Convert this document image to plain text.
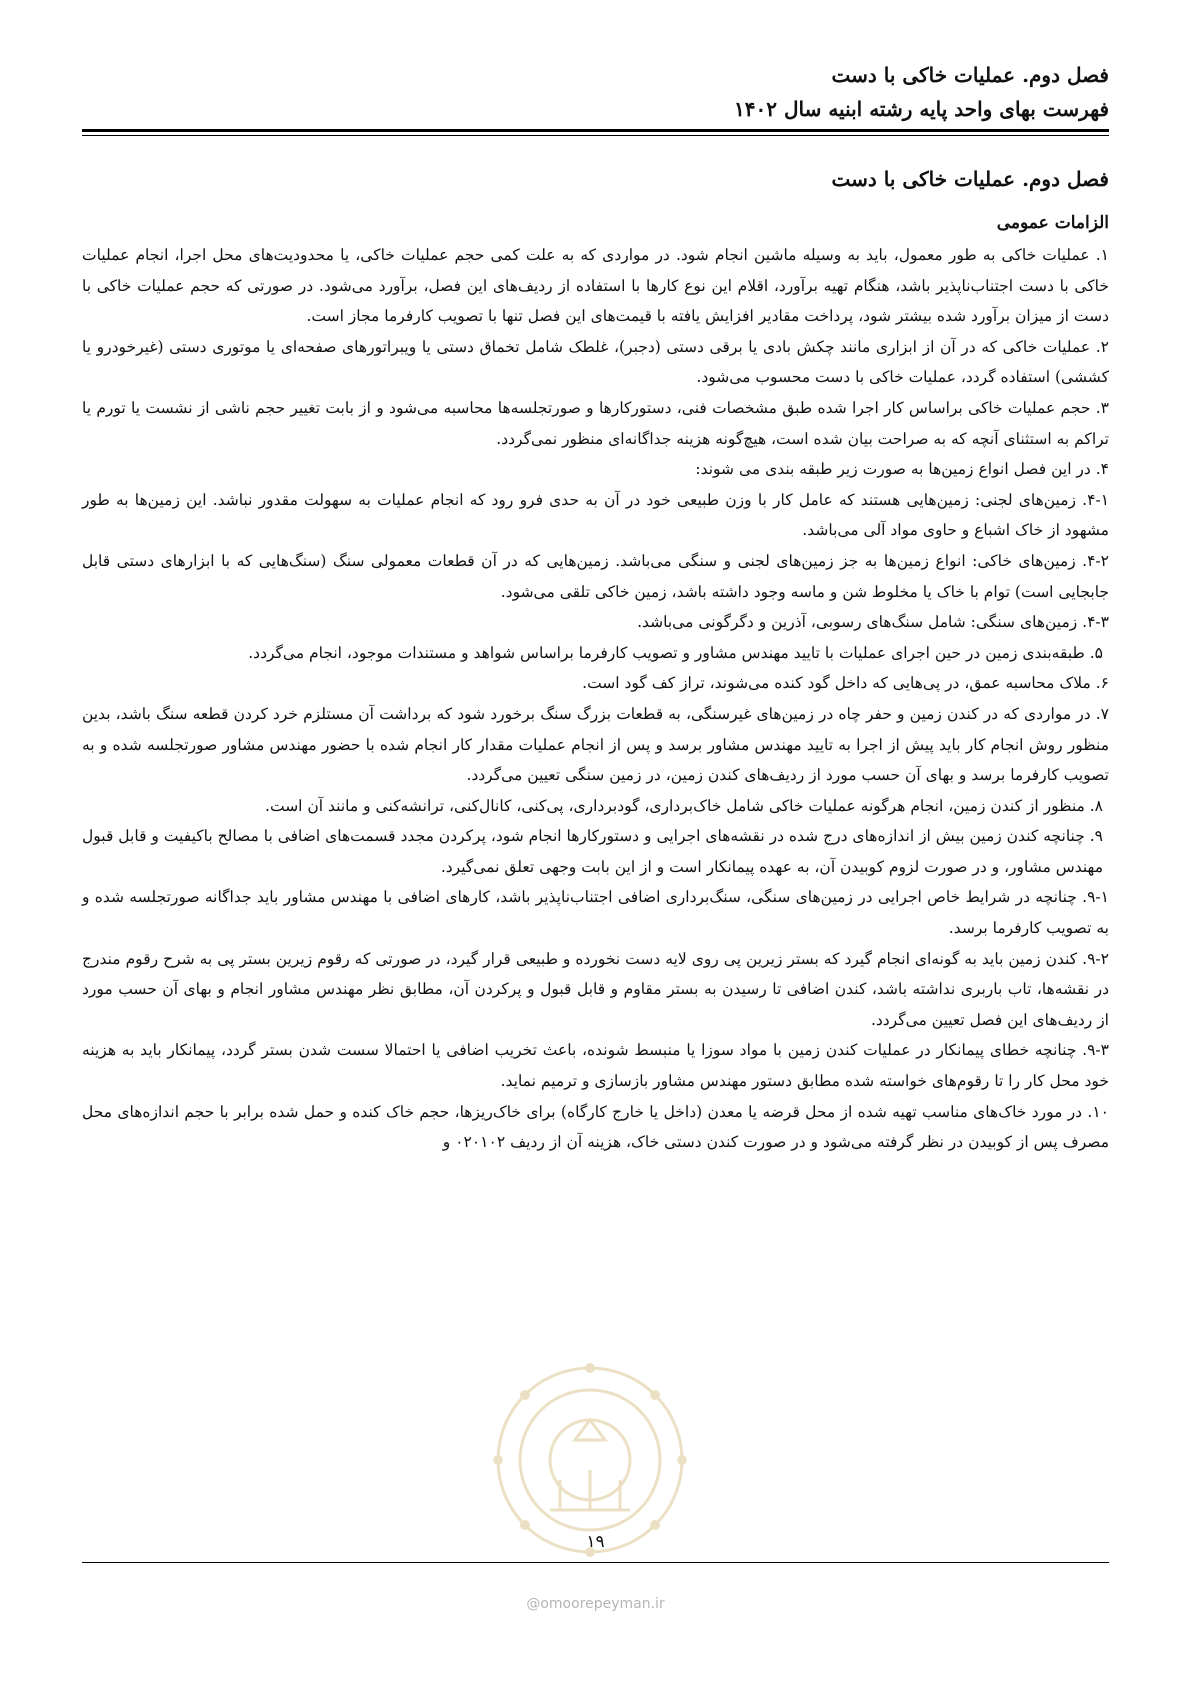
فصل دوم. عملیات خاکی با دست
فهرست بهای واحد پایه رشته ابنیه سال ۱۴۰۲
فصل دوم. عملیات خاکی با دست
الزامات عمومی

۱. عملیات خاکی به طور معمول، باید به وسیله ماشین انجام شود. در مواردی که به علت کمی حجم عملیات خاکی، یا محدودیت‌های محل اجرا، انجام عملیات خاکی با دست اجتناب‌ناپذیر باشد، هنگام تهیه برآورد، اقلام این نوع کارها با استفاده از ردیف‌های این فصل، برآورد می‌شود. در صورتی که حجم عملیات خاکی با دست از میزان برآورد شده بیشتر شود، پرداخت مقادیر افزایش یافته با قیمت‌های این فصل تنها با تصویب کارفرما مجاز است.

۲. عملیات خاکی که در آن از ابزاری مانند چکش بادی یا برقی دستی (دجبر)، غلطک شامل تخماق دستی یا ویبراتورهای صفحه‌ای یا موتوری دستی (غیرخودرو یا کششی) استفاده گردد، عملیات خاکی با دست محسوب می‌شود.

۳. حجم عملیات خاکی براساس کار اجرا شده طبق مشخصات فنی، دستورکارها و صورتجلسه‌ها محاسبه می‌شود و از بابت تغییر حجم ناشی از نشست یا تورم یا تراکم به استثنای آنچه که به صراحت بیان شده است، هیچ‌گونه هزینه جداگانه‌ای منظور نمی‌گردد.

۴. در این فصل انواع زمین‌ها به صورت زیر طبقه بندی می شوند:

۴-۱. زمین‌های لجنی: زمین‌هایی هستند که عامل کار با وزن طبیعی خود در آن به حدی فرو رود که انجام عملیات به سهولت مقدور نباشد. این زمین‌ها به طور مشهود از خاک اشباع و حاوی مواد آلی می‌باشد.

۴-۲. زمین‌های خاکی: انواع زمین‌ها به جز زمین‌های لجنی و سنگی می‌باشد. زمین‌هایی که در آن قطعات معمولی سنگ (سنگ‌هایی که با ابزارهای دستی قابل جابجایی است) توام با خاک یا مخلوط شن و ماسه وجود داشته باشد، زمین خاکی تلقی می‌شود.

۴-۳. زمین‌های سنگی: شامل سنگ‌های رسوبی، آذرین و دگرگونی می‌باشد.

۵. طبقه‌بندی زمین در حین اجرای عملیات با تایید مهندس مشاور و تصویب کارفرما براساس شواهد و مستندات موجود، انجام می‌گردد.

۶. ملاک محاسبه عمق، در پی‌هایی که داخل گود کنده می‌شوند، تراز کف گود است.

۷. در مواردی که در کندن زمین و حفر چاه در زمین‌های غیرسنگی، به قطعات بزرگ سنگ برخورد شود که برداشت آن مستلزم خرد کردن قطعه سنگ باشد، بدین منظور روش انجام کار باید پیش از اجرا به تایید مهندس مشاور برسد و پس از انجام عملیات مقدار کار انجام شده با حضور مهندس مشاور صورتجلسه شده و به تصویب کارفرما برسد و بهای آن حسب مورد از ردیف‌های کندن زمین، در زمین سنگی تعیین می‌گردد.

۸. منظور از کندن زمین، انجام هرگونه عملیات خاکی شامل خاک‌برداری، گودبرداری، پی‌کنی، کانال‌کنی، ترانشه‌کنی و مانند آن است.

۹. چنانچه کندن زمین بیش از اندازه‌های درج شده در نقشه‌های اجرایی و دستورکارها انجام شود، پرکردن مجدد قسمت‌های اضافی با مصالح باکیفیت و قابل قبول مهندس مشاور، و در صورت لزوم کوبیدن آن، به عهده پیمانکار است و از این بابت وجهی تعلق نمی‌گیرد.

۹-۱. چنانچه در شرایط خاص اجرایی در زمین‌های سنگی، سنگ‌برداری اضافی اجتناب‌ناپذیر باشد، کارهای اضافی با مهندس مشاور باید جداگانه صورتجلسه شده و به تصویب کارفرما برسد.

۹-۲. کندن زمین باید به گونه‌ای انجام گیرد که بستر زیرین پی روی لایه دست نخورده و طبیعی قرار گیرد، در صورتی که رقوم زیرین بستر پی به شرح رقوم مندرج در نقشه‌ها، تاب باربری نداشته باشد، کندن اضافی تا رسیدن به بستر مقاوم و قابل قبول و پرکردن آن، مطابق نظر مهندس مشاور انجام و بهای آن حسب مورد از ردیف‌های این فصل تعیین می‌گردد.

۹-۳. چنانچه خطای پیمانکار در عملیات کندن زمین با مواد سوزا یا منبسط شونده، باعث تخریب اضافی یا احتمالا سست شدن بستر گردد، پیمانکار باید به هزینه خود محل کار را تا رقوم‌های خواسته شده مطابق دستور مهندس مشاور بازسازی و ترمیم نماید.

۱۰. در مورد خاک‌های مناسب تهیه شده از محل قرضه یا معدن (داخل یا خارج کارگاه) برای خاک‌ریزها، حجم خاک کنده و حمل شده برابر با حجم اندازه‌های محل مصرف پس از کوبیدن در نظر گرفته می‌شود و در صورت کندن دستی خاک، هزینه آن از ردیف ۰۲۰۱۰۲ و

۱۹
@omoorepeyman.ir
